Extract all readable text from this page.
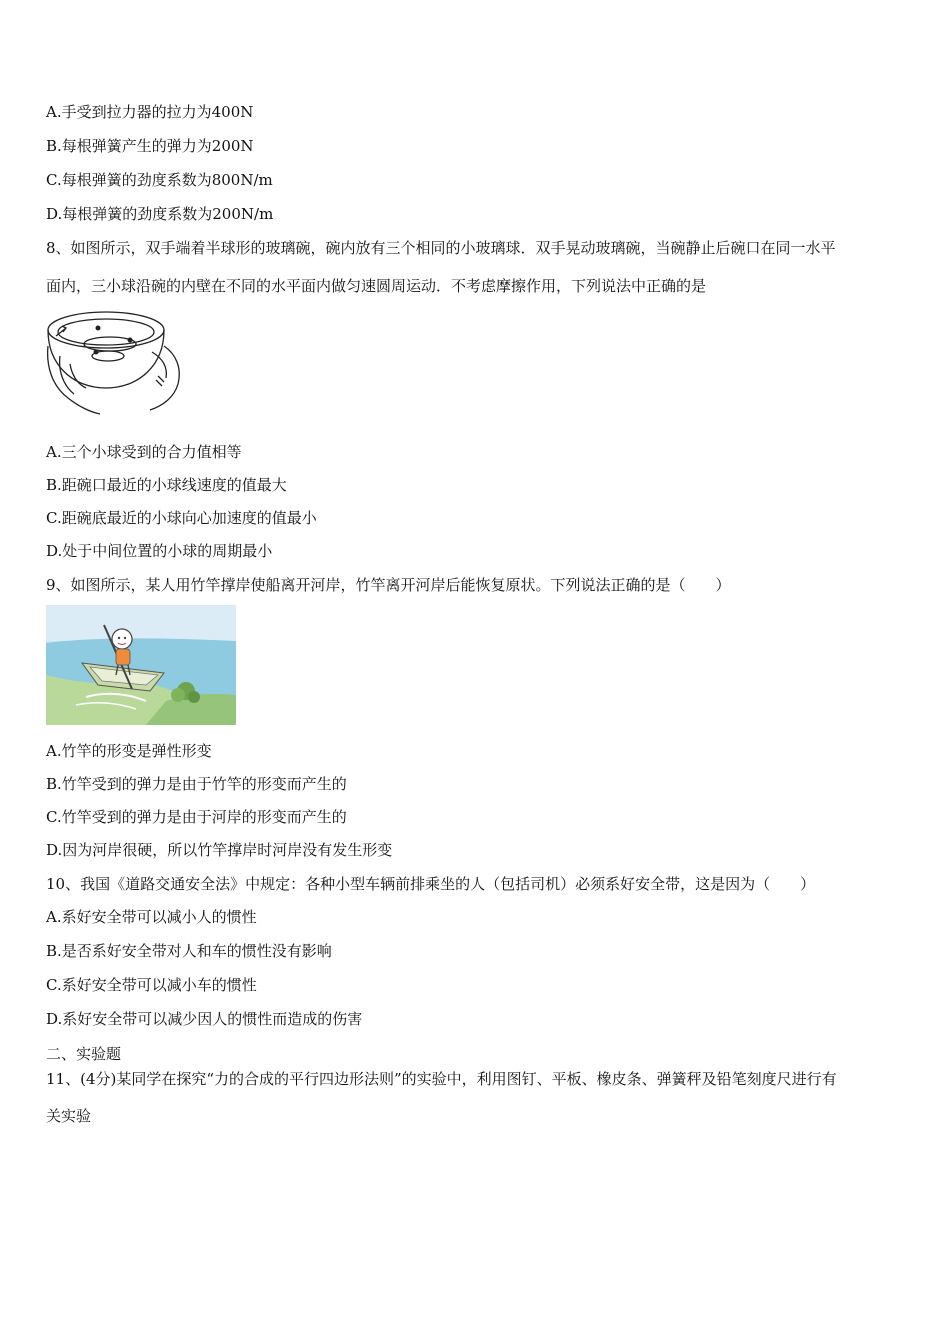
A.手受到拉力器的拉力为400N
B.每根弹簧产生的弹力为200N
C.每根弹簧的劲度系数为800N/m
D.每根弹簧的劲度系数为200N/m
8、如图所示，双手端着半球形的玻璃碗，碗内放有三个相同的小玻璃球．双手晃动玻璃碗，当碗静止后碗口在同一水平
面内，三小球沿碗的内壁在不同的水平面内做匀速圆周运动．不考虑摩擦作用，下列说法中正确的是
A.三个小球受到的合力值相等
B.距碗口最近的小球线速度的值最大
C.距碗底最近的小球向心加速度的值最小
D.处于中间位置的小球的周期最小
9、如图所示，某人用竹竿撑岸使船离开河岸，竹竿离开河岸后能恢复原状。下列说法正确的是（　　）
A.竹竿的形变是弹性形变
B.竹竿受到的弹力是由于竹竿的形变而产生的
C.竹竿受到的弹力是由于河岸的形变而产生的
D.因为河岸很硬，所以竹竿撑岸时河岸没有发生形变
10、我国《道路交通安全法》中规定：各种小型车辆前排乘坐的人（包括司机）必须系好安全带，这是因为（　　）
A.系好安全带可以减小人的惯性
B.是否系好安全带对人和车的惯性没有影响
C.系好安全带可以减小车的惯性
D.系好安全带可以减少因人的惯性而造成的伤害
二、实验题
11、(4分)某同学在探究“力的合成的平行四边形法则”的实验中，利用图钉、平板、橡皮条、弹簧秤及铅笔刻度尺进行有
关实验
